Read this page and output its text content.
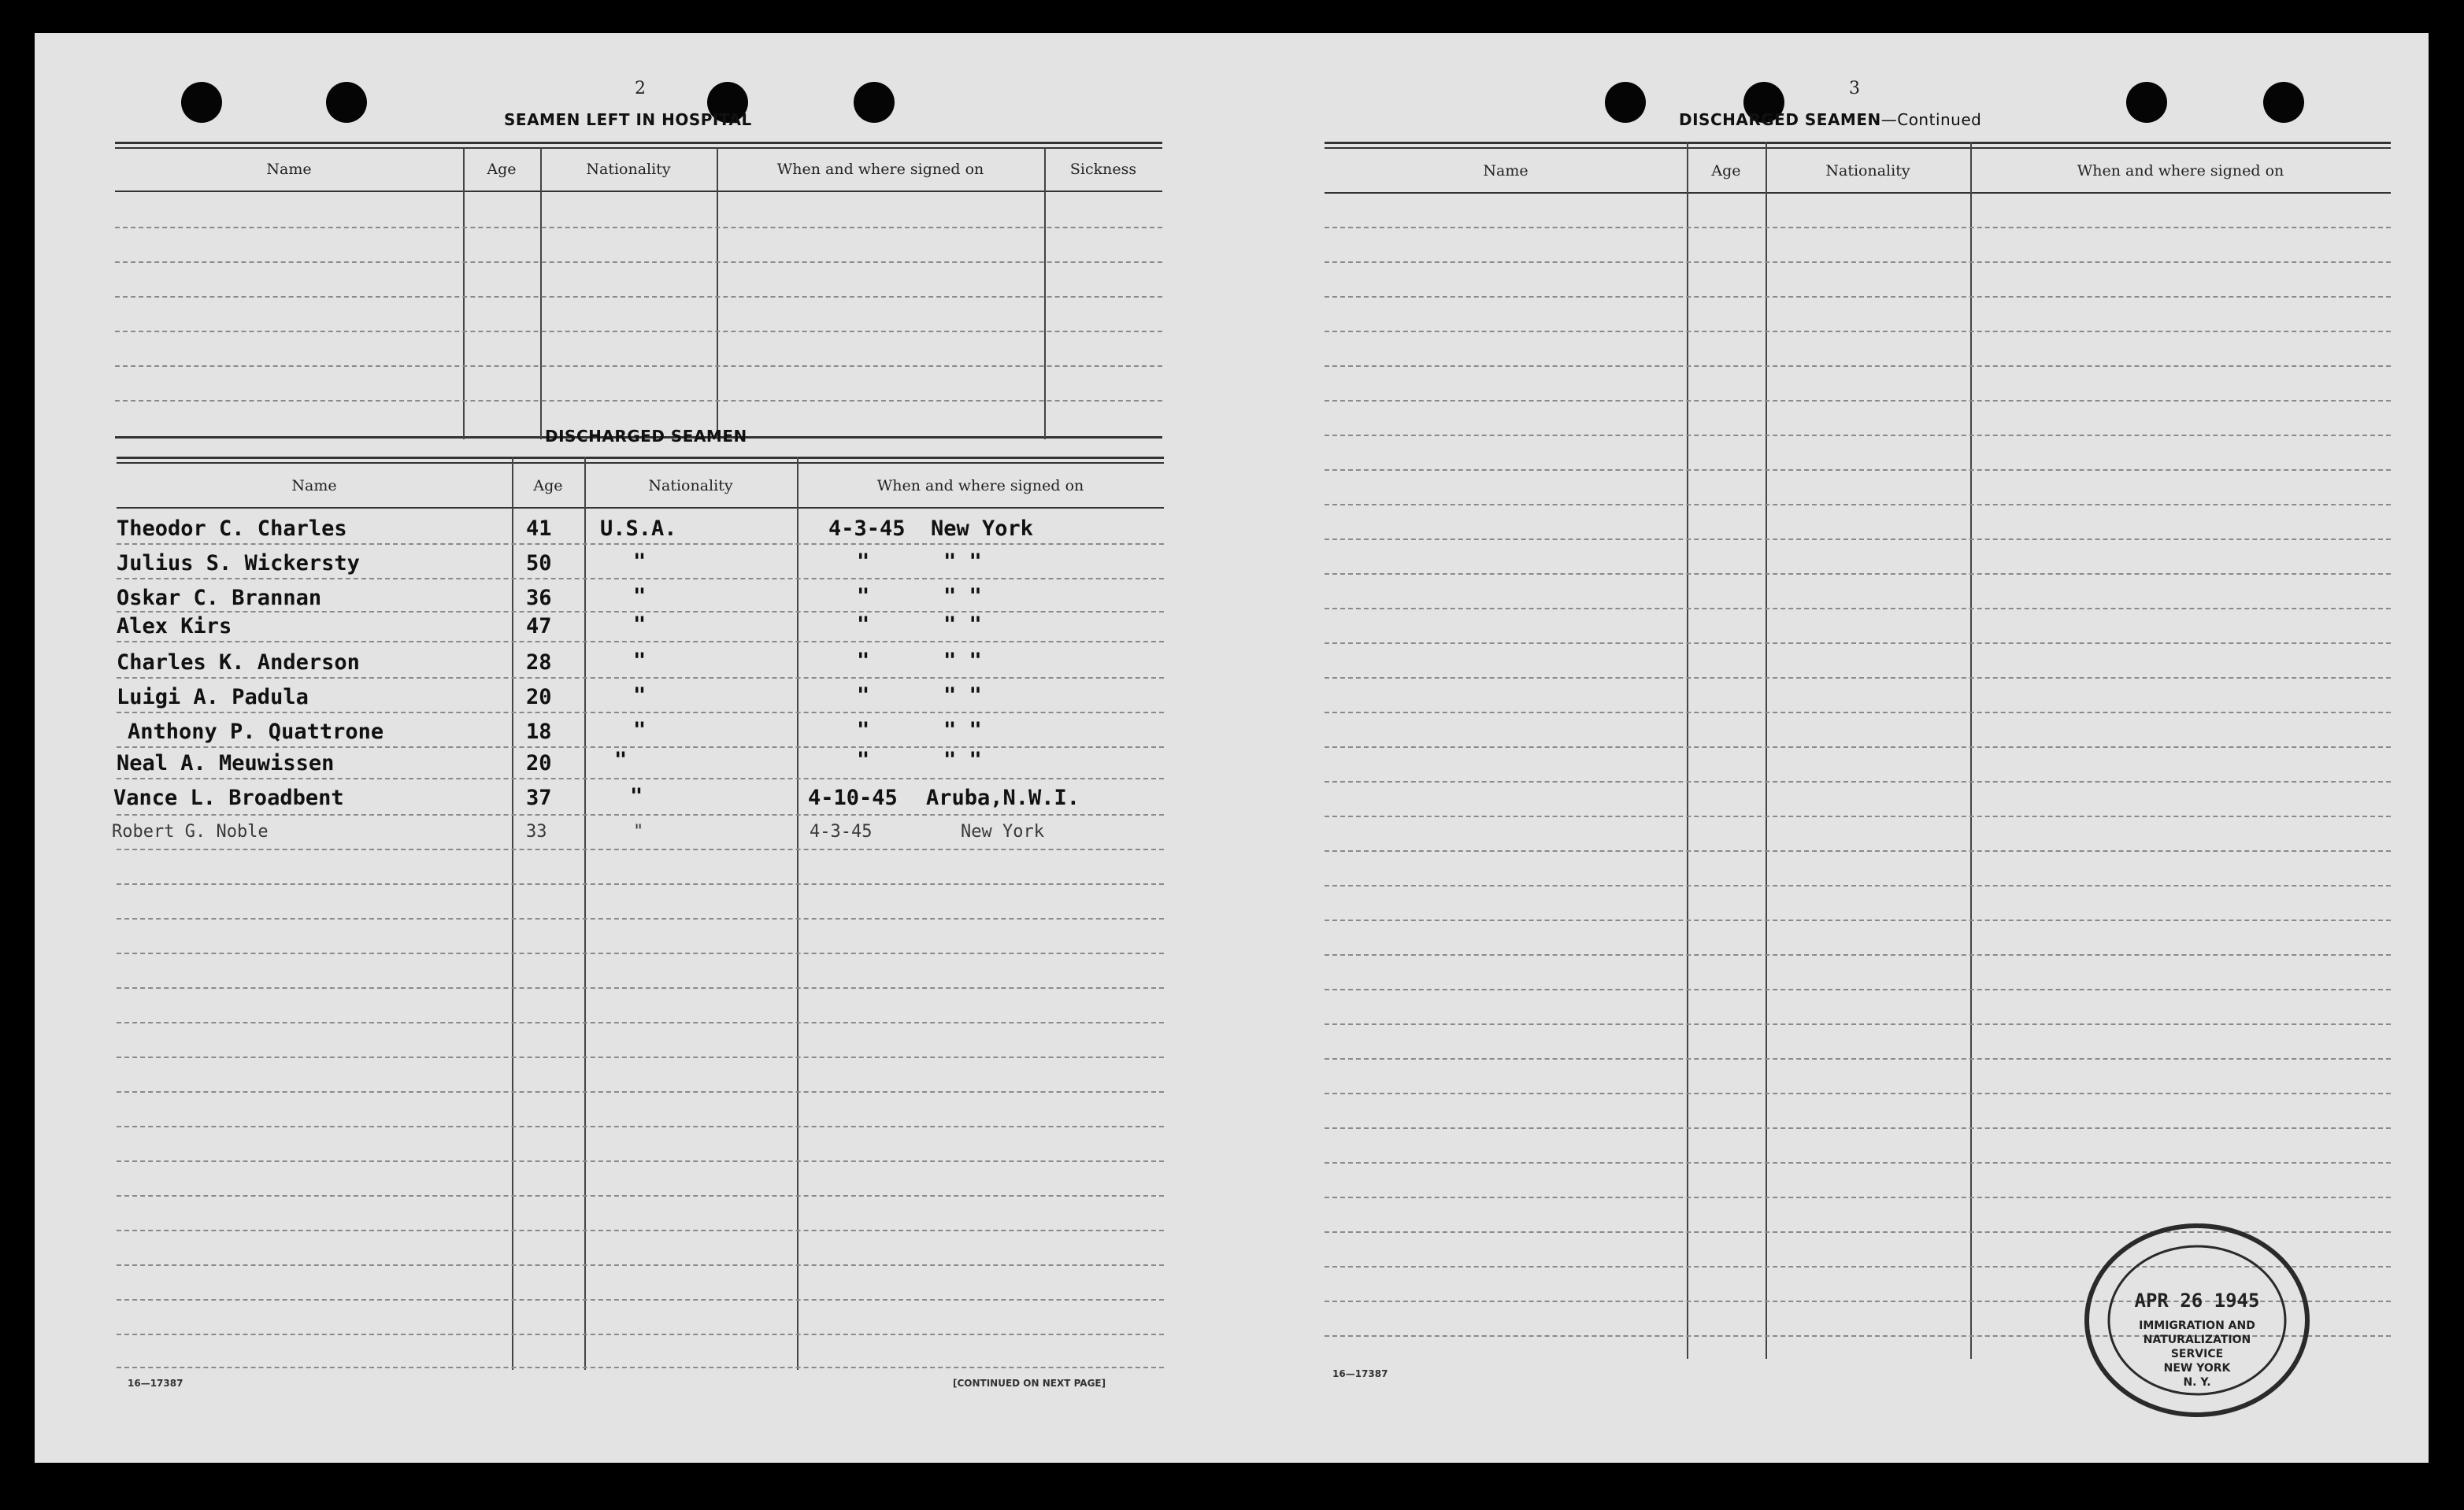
2
SEAMEN LEFT IN HOSPITAL
Name	Age	Nationality	When and where signed on	Sickness
DISCHARGED SEAMEN
Name	Age	Nationality	When and where signed on
Theodor C. Charles	41 U.S.A.	4-3-45 New York
Julius S. Wickersty	50	"	"	" "
Oskar C. Brannan	36	"	"	" "
Alex Kirs	47	"	"	" "
Charles K. Anderson	28	"	"	" "
Luigi A. Padula	20	"	"	" "
Anthony P. Quattrone	18	"	"	" "
Neal A. Meuwissen	20	"	"	" "
Vance L. Broadbent	37	"	4-10-45 Aruba,N.W.I.
Robert G. Noble	33	"	4-3-45	New York
16—17387	[CONTINUED ON NEXT PAGE]
3
DISCHARGED SEAMEN—Continued
Name	Age	Nationality	When and where signed on
16—17387
APR 26 1945
IMMIGRATION AND
NATURALIZATION
SERVICE
NEW YORK
N. Y.
